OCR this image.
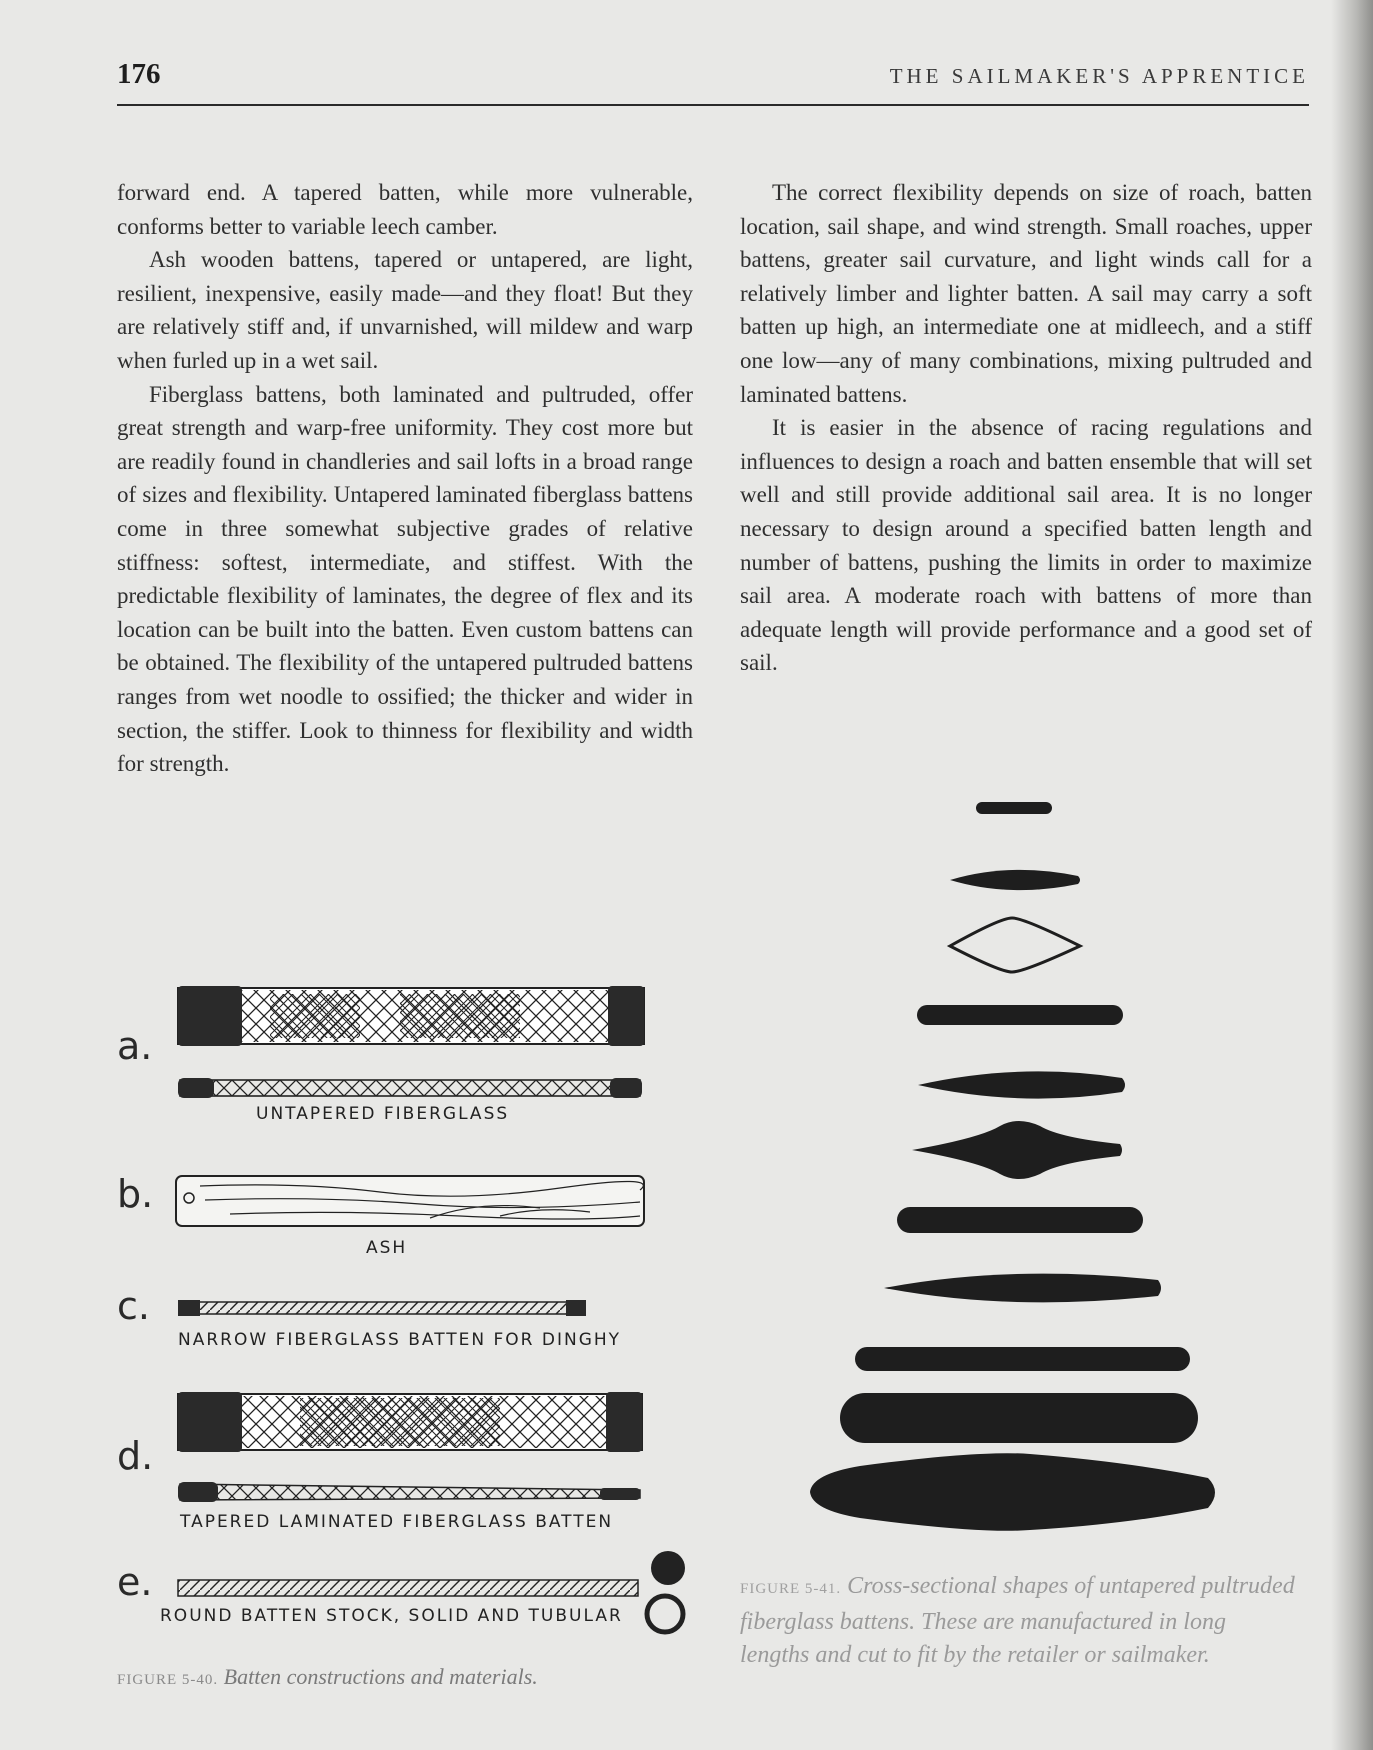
176	THE SAILMAKER'S APPRENTICE

forward end. A tapered batten, while more vulnerable, conforms better to variable leech camber.

Ash wooden battens, tapered or untapered, are light, resilient, inexpensive, easily made—and they float! But they are relatively stiff and, if unvarnished, will mildew and warp when furled up in a wet sail.

Fiberglass battens, both laminated and pultruded, offer great strength and warp-free uniformity. They cost more but are readily found in chandleries and sail lofts in a broad range of sizes and flexibility. Untapered laminated fiberglass battens come in three somewhat subjective grades of relative stiffness: softest, intermediate, and stiffest. With the predictable flexibility of laminates, the degree of flex and its location can be built into the batten. Even custom battens can be obtained. The flexibility of the untapered pultruded battens ranges from wet noodle to ossified; the thicker and wider in section, the stiffer. Look to thinness for flexibility and width for strength.

The correct flexibility depends on size of roach, batten location, sail shape, and wind strength. Small roaches, upper battens, greater sail curvature, and light winds call for a relatively limber and lighter batten. A sail may carry a soft batten up high, an intermediate one at midleech, and a stiff one low—any of many combinations, mixing pultruded and laminated battens.

It is easier in the absence of racing regulations and influences to design a roach and batten ensemble that will set well and still provide additional sail area. It is no longer necessary to design around a specified batten length and number of battens, pushing the limits in order to maximize sail area. A moderate roach with battens of more than adequate length will provide performance and a good set of sail.

a.
UNTAPERED FIBERGLASS
b.
ASH
c.
NARROW FIBERGLASS BATTEN FOR DINGHY
d.
TAPERED LAMINATED FIBERGLASS BATTEN
e.
ROUND BATTEN STOCK, SOLID AND TUBULAR
FIGURE 5-40. Batten constructions and materials.
FIGURE 5-41. Cross-sectional shapes of untapered pultruded fiberglass battens. These are manufactured in long lengths and cut to fit by the retailer or sailmaker.
